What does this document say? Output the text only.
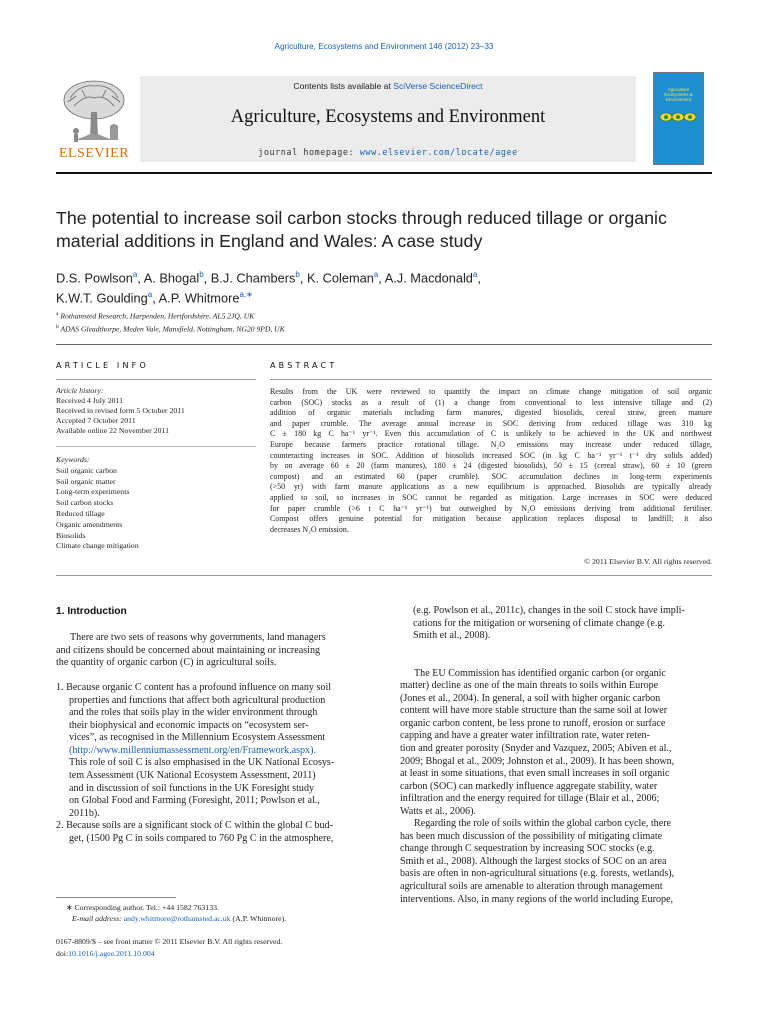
Agriculture, Ecosystems and Environment 146 (2012) 23–33
ELSEVIER
Contents lists available at SciVerse ScienceDirect
Agriculture, Ecosystems and Environment
journal homepage: www.elsevier.com/locate/agee
Agriculture Ecosystems & Environment
The potential to increase soil carbon stocks through reduced tillage or organic
material additions in England and Wales: A case study
D.S. Powlson$^a$, A. Bhogal$^b$, B.J. Chambers$^b$, K. Coleman$^a$, A.J. Macdonald$^a$,
K.W.T. Goulding$^a$, A.P. Whitmore$^{a,∗}$
$^a$ Rothamsted Research, Harpenden, Hertfordshire, AL5 2JQ, UK
$^b$ ADAS Gleadthorpe, Meden Vale, Mansfield, Nottingham, NG20 9PD, UK
ARTICLE INFO	ABSTRACT
Article history:
Received 4 July 2011
Received in revised form 5 October 2011
Accepted 7 October 2011
Available online 22 November 2011
Keywords:
Soil organic carbon
Soil organic matter
Long-term experiments
Soil carbon stocks
Reduced tillage
Organic amendments
Biosolids
Climate change mitigation
Results from the UK were reviewed to quantify the impact on climate change mitigation of soil organic
carbon (SOC) stocks as a result of (1) a change from conventional to less intensive tillage and (2)
addition of organic materials including farm manures, digested biosolids, cereal straw, green manure
and paper crumble. The average annual increase in SOC deriving from reduced tillage was 310 kg
C ± 180 kg C ha⁻¹ yr⁻¹. Even this accumulation of C is unlikely to be achieved in the UK and northwest
Europe because farmers practice rotational tillage. N₂O emissions may increase under reduced tillage,
counteracting increases in SOC. Addition of biosolids increased SOC (in kg C ha⁻¹ yr⁻¹ t⁻¹ dry solids added)
by on average 60 ± 20 (farm manures), 180 ± 24 (digested biosolids), 50 ± 15 (cereal straw), 60 ± 10 (green
compost) and an estimated 60 (paper crumble). SOC accumulation declines in long-term experiments
(>50 yr) with farm manure applications as a new equilibrium is approached. Biosolids are typically already
applied to soil, so increases in SOC cannot be regarded as mitigation. Large increases in SOC were deduced
for paper crumble (>6 t C ha⁻¹ yr⁻¹) but outweighed by N₂O emissions deriving from additional fertiliser.
Compost offers genuine potential for mitigation because application replaces disposal to landfill; it also
decreases N₂O emission.
© 2011 Elsevier B.V. All rights reserved.
1. Introduction
There are two sets of reasons why governments, land managers
and citizens should be concerned about maintaining or increasing
the quantity of organic carbon (C) in agricultural soils.
1. Because organic C content has a profound influence on many soil
properties and functions that affect both agricultural production
and the roles that soils play in the wider environment through
their biophysical and economic impacts on “ecosystem ser-
vices”, as recognised in the Millennium Ecosystem Assessment
(http://www.millenniumassessment.org/en/Framework.aspx).
This role of soil C is also emphasised in the UK National Ecosys-
tem Assessment (UK National Ecosystem Assessment, 2011)
and in discussion of soil functions in the UK Foresight study
on Global Food and Farming (Foresight, 2011; Powlson et al.,
2011b).
2. Because soils are a significant stock of C within the global C bud-
get, (1500 Pg C in soils compared to 760 Pg C in the atmosphere,
(e.g. Powlson et al., 2011c), changes in the soil C stock have impli-
cations for the mitigation or worsening of climate change (e.g.
Smith et al., 2008).
The EU Commission has identified organic carbon (or organic
matter) decline as one of the main threats to soils within Europe
(Jones et al., 2004). In general, a soil with higher organic carbon
content will have more stable structure than the same soil at lower
organic carbon content, be less prone to runoff, erosion or surface
capping and have a greater water infiltration rate, water reten-
tion and greater porosity (Snyder and Vazquez, 2005; Abiven et al.,
2009; Bhogal et al., 2009; Johnston et al., 2009). It has been shown,
at least in some situations, that even small increases in soil organic
carbon (SOC) can markedly influence aggregate stability, water
infiltration and the energy required for tillage (Blair et al., 2006;
Watts et al., 2006).
Regarding the role of soils within the global carbon cycle, there
has been much discussion of the possibility of mitigating climate
change through C sequestration by increasing SOC stocks (e.g.
Smith et al., 2008). Although the largest stocks of SOC on an area
basis are often in non-agricultural situations (e.g. forests, wetlands),
agricultural soils are amenable to alteration through management
interventions. Also, in many regions of the world including Europe,
∗ Corresponding author. Tel.: +44 1582 763133.
E-mail address: andy.whitmore@rothamsted.ac.uk (A.P. Whitmore).
0167-8809/$ – see front matter © 2011 Elsevier B.V. All rights reserved.
doi:10.1016/j.agee.2011.10.004
